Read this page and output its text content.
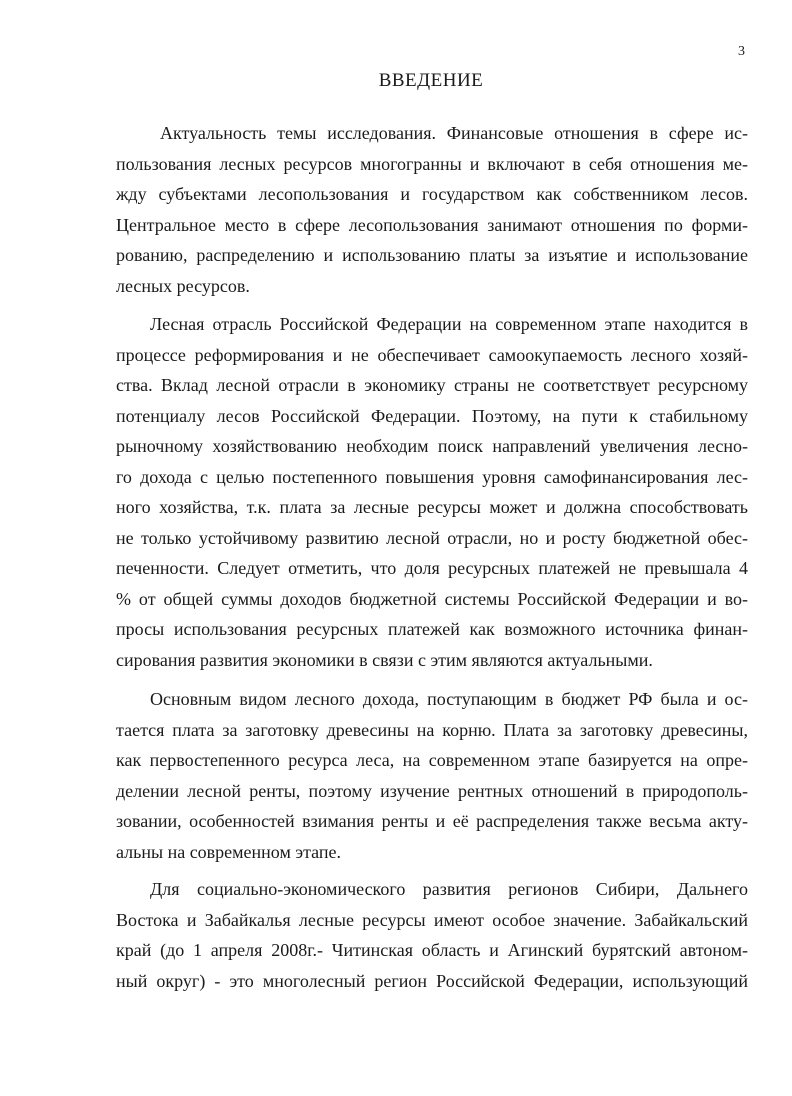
3
ВВЕДЕНИЕ
Актуальность темы исследования. Финансовые отношения в сфере ис-
пользования лесных ресурсов многогранны и включают в себя отношения ме-
жду субъектами лесопользования и государством как собственником лесов.
Центральное место в сфере лесопользования занимают отношения по форми-
рованию, распределению и использованию платы за изъятие и использование
лесных ресурсов.
Лесная отрасль Российской Федерации на современном этапе находится в
процессе реформирования и не обеспечивает самоокупаемость лесного хозяй-
ства. Вклад лесной отрасли в экономику страны не соответствует ресурсному
потенциалу лесов Российской Федерации. Поэтому, на пути к стабильному
рыночному хозяйствованию необходим поиск направлений увеличения лесно-
го дохода с целью постепенного повышения уровня самофинансирования лес-
ного хозяйства, т.к. плата за лесные ресурсы может и должна способствовать
не только устойчивому развитию лесной отрасли, но и росту бюджетной обес-
печенности. Следует отметить, что доля ресурсных платежей не превышала 4
% от общей суммы доходов бюджетной системы Российской Федерации и во-
просы использования ресурсных платежей как возможного источника финан-
сирования развития экономики в связи с этим являются актуальными.
Основным видом лесного дохода, поступающим в бюджет РФ была и ос-
тается плата за заготовку древесины на корню. Плата за заготовку древесины,
как первостепенного ресурса леса, на современном этапе базируется на опре-
делении лесной ренты, поэтому изучение рентных отношений в природополь-
зовании, особенностей взимания ренты и её распределения также весьма акту-
альны на современном этапе.
Для социально-экономического развития регионов Сибири, Дальнего
Востока и Забайкалья лесные ресурсы имеют особое значение. Забайкальский
край (до 1 апреля 2008г.- Читинская область и Агинский бурятский автоном-
ный округ) - это многолесный регион Российской Федерации, использующий
